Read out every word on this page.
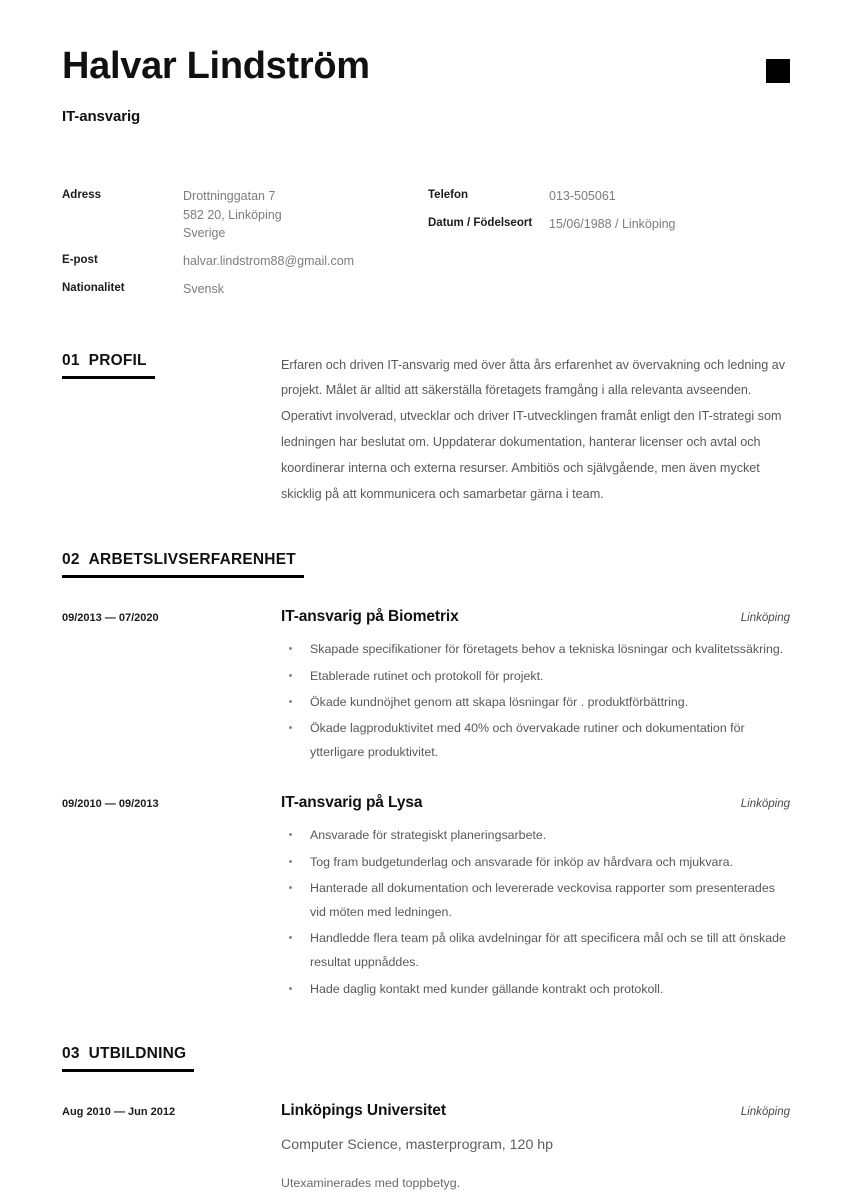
Halvar Lindström
IT-ansvarig
Adress	Drottninggatan 7
582 20, Linköping
Sverige
E-post	halvar.lindstrom88@gmail.com
Nationalitet	Svensk
Telefon	013-505061
Datum / Födelseort	15/06/1988 / Linköping
01 PROFIL	Erfaren och driven IT-ansvarig med över åtta års erfarenhet av övervakning och ledning av projekt. Målet är alltid att säkerställa företagets framgång i alla relevanta avseenden. Operativt involverad, utvecklar och driver IT-utvecklingen framåt enligt den IT-strategi som ledningen har beslutat om. Uppdaterar dokumentation, hanterar licenser och avtal och koordinerar interna och externa resurser. Ambitiös och självgående, men även mycket skicklig på att kommunicera och samarbetar gärna i team.
02 ARBETSLIVSERFARENHET
09/2013 — 07/2020	IT-ansvarig på Biometrix	Linköping
Skapade specifikationer för företagets behov a tekniska lösningar och kvalitetssäkring.
Etablerade rutinet och protokoll för projekt.
Ökade kundnöjhet genom att skapa lösningar för . produktförbättring.
Ökade lagproduktivitet med 40% och övervakade rutiner och dokumentation för ytterligare produktivitet.
09/2010 — 09/2013	IT-ansvarig på Lysa	Linköping
Ansvarade för strategiskt planeringsarbete.
Tog fram budgetunderlag och ansvarade för inköp av hårdvara och mjukvara.
Hanterade all dokumentation och levererade veckovisa rapporter som presenterades vid möten med ledningen.
Handledde flera team på olika avdelningar för att specificera mål och se till att önskade resultat uppnåddes.
Hade daglig kontakt med kunder gällande kontrakt och protokoll.
03 UTBILDNING
Aug 2010 — Jun 2012	Linköpings Universitet	Linköping
Computer Science, masterprogram, 120 hp
Utexaminerades med toppbetyg.
